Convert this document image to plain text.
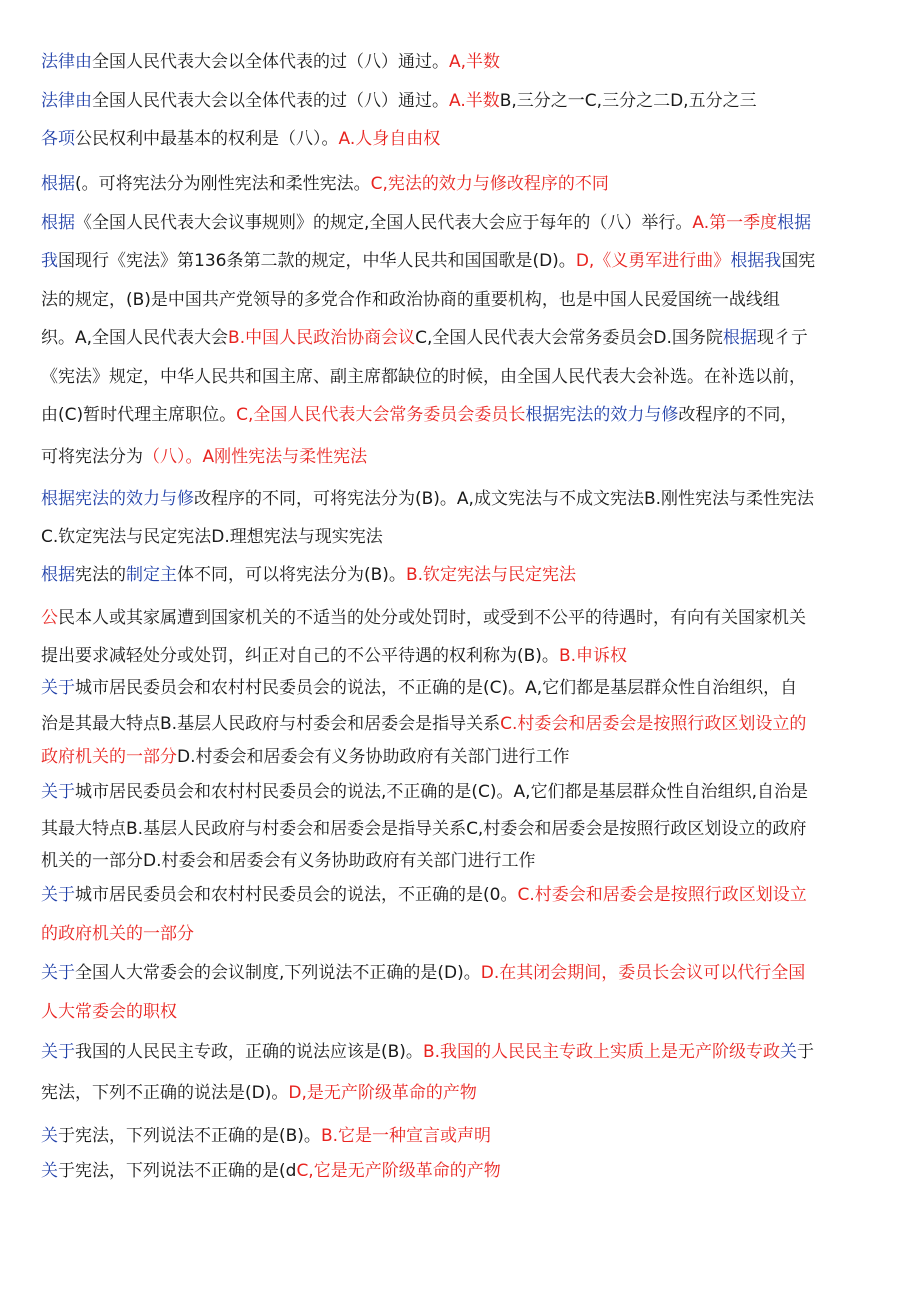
法律由全国人民代表大会以全体代表的过（八）通过。A,半数
法律由全国人民代表大会以全体代表的过（八）通过。A.半数B,三分之一C,三分之二D,五分之三
各项公民权利中最基本的权利是（八）。A.人身自由权
根据(。可将宪法分为刚性宪法和柔性宪法。C,宪法的效力与修改程序的不同
根据《全国人民代表大会议事规则》的规定,全国人民代表大会应于每年的（八）举行。A.第一季度根据
我国现行《宪法》第136条第二款的规定，中华人民共和国国歌是(D)。D,《义勇军进行曲》根据我国宪
法的规定，(B)是中国共产党领导的多党合作和政治协商的重要机构，也是中国人民爱国统一战线组
织。A,全国人民代表大会B.中国人民政治协商会议C,全国人民代表大会常务委员会D.国务院根据现彳亍
《宪法》规定，中华人民共和国主席、副主席都缺位的时候，由全国人民代表大会补选。在补选以前，
由(C)暂时代理主席职位。C,全国人民代表大会常务委员会委员长根据宪法的效力与修改程序的不同，
可将宪法分为（八）。A刚性宪法与柔性宪法
根据宪法的效力与修改程序的不同，可将宪法分为(B)。A,成文宪法与不成文宪法B.刚性宪法与柔性宪法
C.钦定宪法与民定宪法D.理想宪法与现实宪法
根据宪法的制定主体不同，可以将宪法分为(B)。B.钦定宪法与民定宪法
公民本人或其家属遭到国家机关的不适当的处分或处罚时，或受到不公平的待遇时，有向有关国家机关
提出要求减轻处分或处罚，纠正对自己的不公平待遇的权利称为(B)。B.申诉权
关于城市居民委员会和农村村民委员会的说法，不正确的是(C)。A,它们都是基层群众性自治组织，自
治是其最大特点B.基层人民政府与村委会和居委会是指导关系C.村委会和居委会是按照行政区划设立的
政府机关的一部分D.村委会和居委会有义务协助政府有关部门进行工作
关于城市居民委员会和农村村民委员会的说法,不正确的是(C)。A,它们都是基层群众性自治组织,自治是
其最大特点B.基层人民政府与村委会和居委会是指导关系C,村委会和居委会是按照行政区划设立的政府
机关的一部分D.村委会和居委会有义务协助政府有关部门进行工作
关于城市居民委员会和农村村民委员会的说法，不正确的是(0。C.村委会和居委会是按照行政区划设立
的政府机关的一部分
关于全国人大常委会的会议制度,下列说法不正确的是(D)。D.在其闭会期间，委员长会议可以代行全国
人大常委会的职权
关于我国的人民民主专政，正确的说法应该是(B)。B.我国的人民民主专政上实质上是无产阶级专政关于
宪法，下列不正确的说法是(D)。D,是无产阶级革命的产物
关于宪法，下列说法不正确的是(B)。B.它是一种宣言或声明
关于宪法，下列说法不正确的是(dC,它是无产阶级革命的产物
